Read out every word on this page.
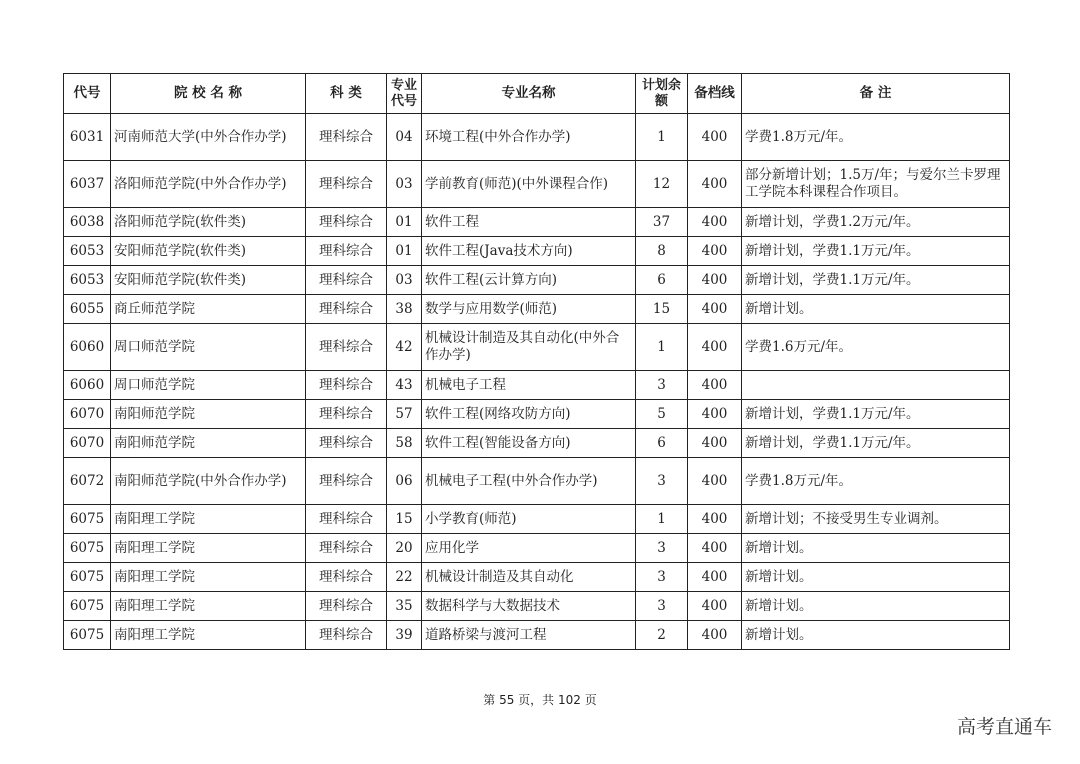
代号	院 校 名 称	科 类	专业代号	专业名称	计划余额	备档线	备 注
6031	河南师范大学(中外合作办学)	理科综合	04	环境工程(中外合作办学)	1	400	学费1.8万元/年。
6037	洛阳师范学院(中外合作办学)	理科综合	03	学前教育(师范)(中外课程合作)	12	400	部分新增计划；1.5万/年；与爱尔兰卡罗理工学院本科课程合作项目。
6038	洛阳师范学院(软件类)	理科综合	01	软件工程	37	400	新增计划，学费1.2万元/年。
6053	安阳师范学院(软件类)	理科综合	01	软件工程(Java技术方向)	8	400	新增计划，学费1.1万元/年。
6053	安阳师范学院(软件类)	理科综合	03	软件工程(云计算方向)	6	400	新增计划，学费1.1万元/年。
6055	商丘师范学院	理科综合	38	数学与应用数学(师范)	15	400	新增计划。
6060	周口师范学院	理科综合	42	机械设计制造及其自动化(中外合作办学)	1	400	学费1.6万元/年。
6060	周口师范学院	理科综合	43	机械电子工程	3	400	
6070	南阳师范学院	理科综合	57	软件工程(网络攻防方向)	5	400	新增计划，学费1.1万元/年。
6070	南阳师范学院	理科综合	58	软件工程(智能设备方向)	6	400	新增计划，学费1.1万元/年。
6072	南阳师范学院(中外合作办学)	理科综合	06	机械电子工程(中外合作办学)	3	400	学费1.8万元/年。
6075	南阳理工学院	理科综合	15	小学教育(师范)	1	400	新增计划；不接受男生专业调剂。
6075	南阳理工学院	理科综合	20	应用化学	3	400	新增计划。
6075	南阳理工学院	理科综合	22	机械设计制造及其自动化	3	400	新增计划。
6075	南阳理工学院	理科综合	35	数据科学与大数据技术	3	400	新增计划。
6075	南阳理工学院	理科综合	39	道路桥梁与渡河工程	2	400	新增计划。
第 55 页，共 102 页
高考直通车
